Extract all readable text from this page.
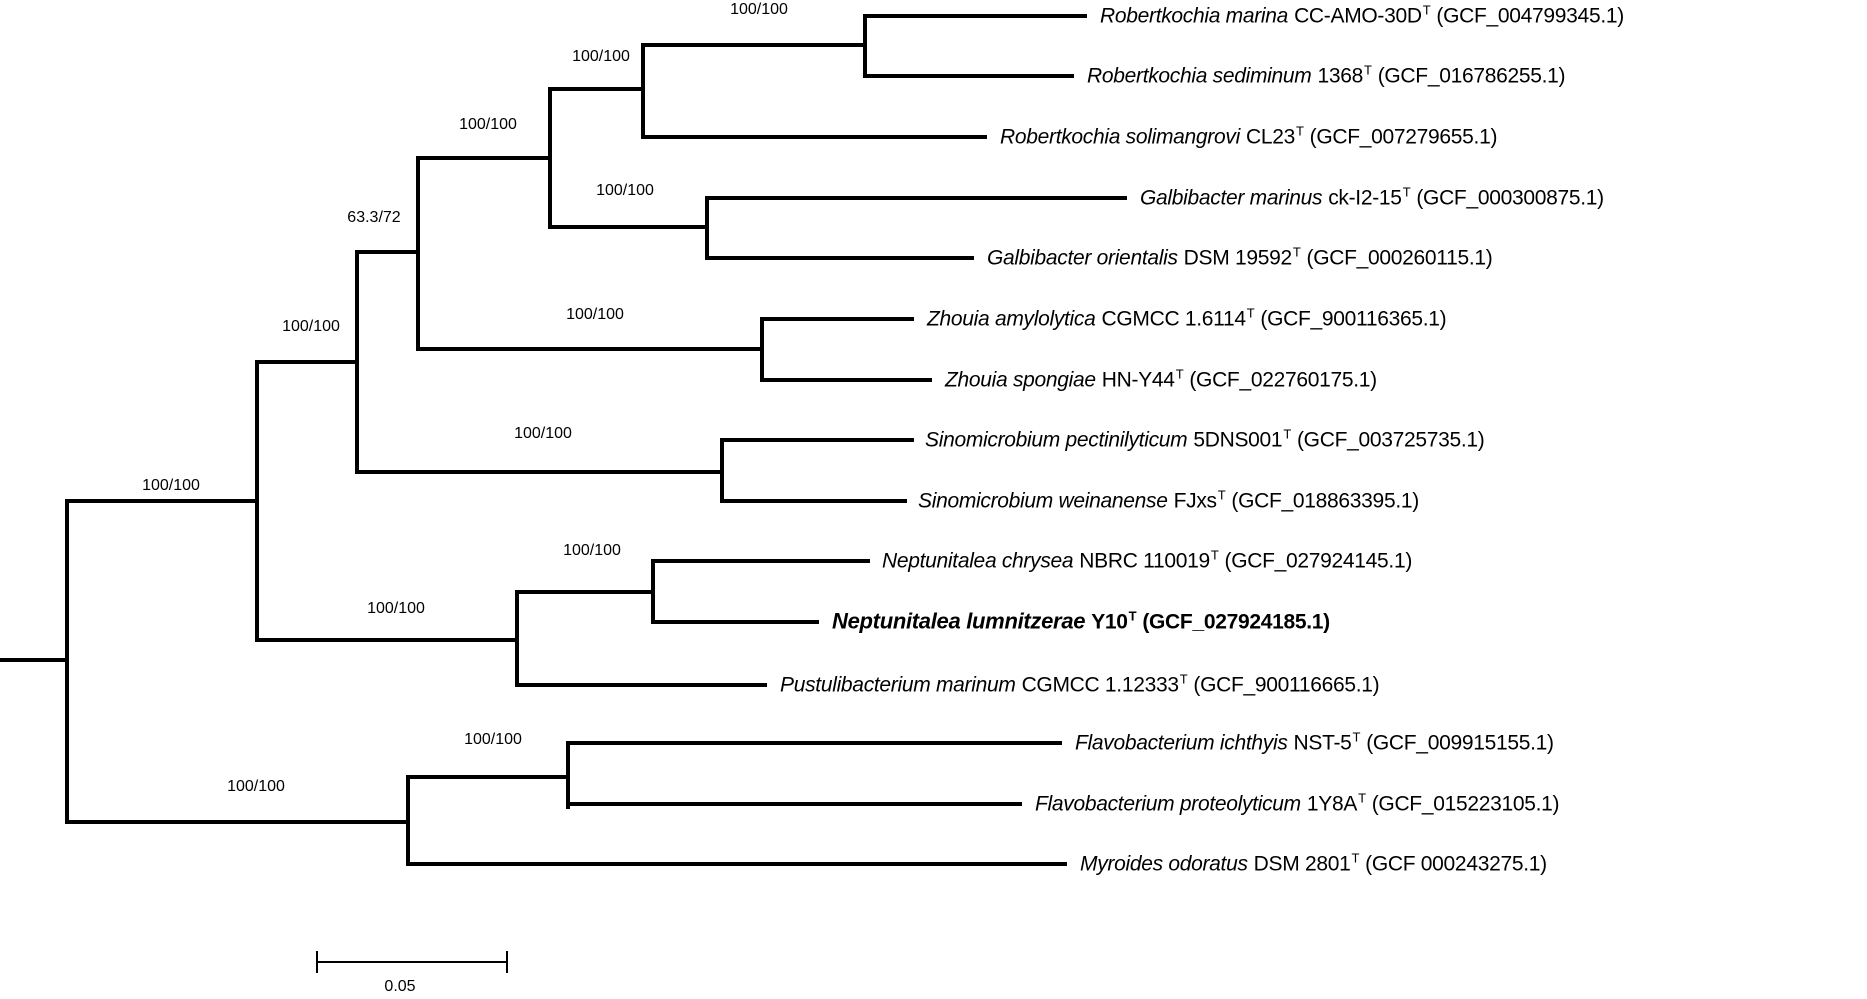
Robertkochia marina $CC-AMO-30D^T$ (GCF_004799345.1)
Robertkochia sediminum $1368^T$ (GCF_016786255.1)
Robertkochia solimangrovi $CL23^T$ (GCF_007279655.1)
Galbibacter marinus $ck-I2-15^T$ (GCF_000300875.1)
Galbibacter orientalis DSM $19592^T$ (GCF_000260115.1)
Zhouia amylolytica CGMCC $1.6114^T$ (GCF_900116365.1)
Zhouia spongiae $HN-Y44^T$ (GCF_022760175.1)
Sinomicrobium pectinilyticum $5DNS001^T$ (GCF_003725735.1)
Sinomicrobium weinanense FJxs$^T$ (GCF_018863395.1)
Neptunitalea chrysea NBRC $110019^T$ (GCF_027924145.1)
Neptunitalea lumnitzerae $Y10^T$ (GCF_027924185.1)
Pustulibacterium marinum CGMCC $1.12333^T$ (GCF_900116665.1)
Flavobacterium ichthyis NST-$5^T$ (GCF_009915155.1)
Flavobacterium proteolyticum $1Y8A^T$ (GCF_015223105.1)
Myroides odoratus DSM $2801^T$ (GCF 000243275.1)
100/100
100/100
100/100
100/100
63.3/72
100/100
100/100
100/100
100/100
100/100
100/100
100/100
100/100
0.05
